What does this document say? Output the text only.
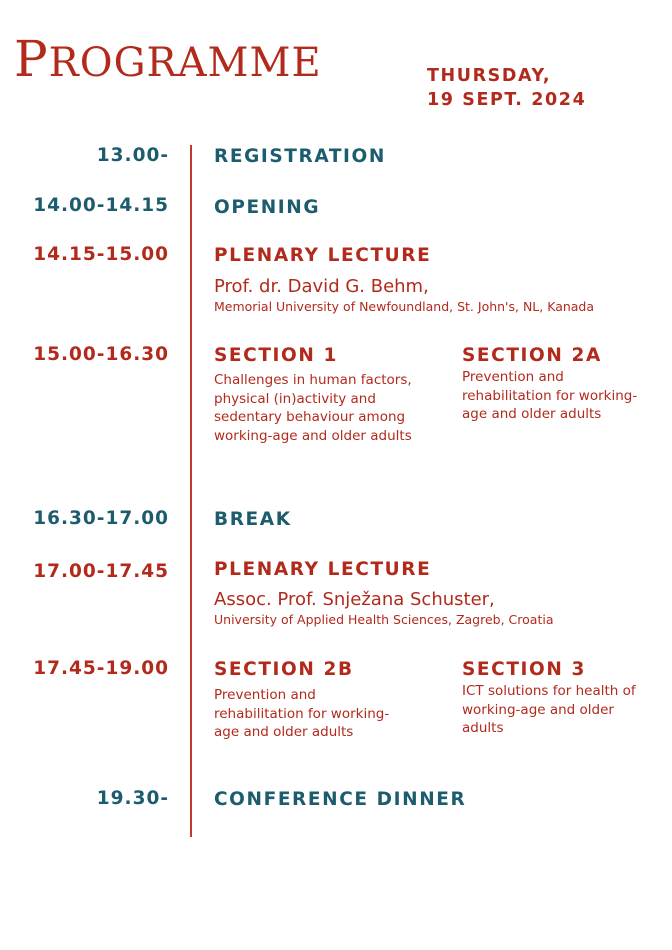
PROGRAMME	THURSDAY,
19 SEPT. 2024
13.00- REGISTRATION
14.00-14.15 OPENING
14.15-15.00 PLENARY LECTURE
Prof. dr. David G. Behm,
Memorial University of Newfoundland, St. John's, NL, Kanada
15.00-16.30 SECTION 1
Challenges in human factors, physical (in)activity and sedentary behaviour among working-age and older adults
SECTION 2A
Prevention and rehabilitation for working-age and older adults
16.30-17.00 BREAK
17.00-17.45 PLENARY LECTURE
Assoc. Prof. Snježana Schuster,
University of Applied Health Sciences, Zagreb, Croatia
17.45-19.00 SECTION 2B
Prevention and rehabilitation for working-age and older adults
SECTION 3
ICT solutions for health of working-age and older adults
19.30- CONFERENCE DINNER
